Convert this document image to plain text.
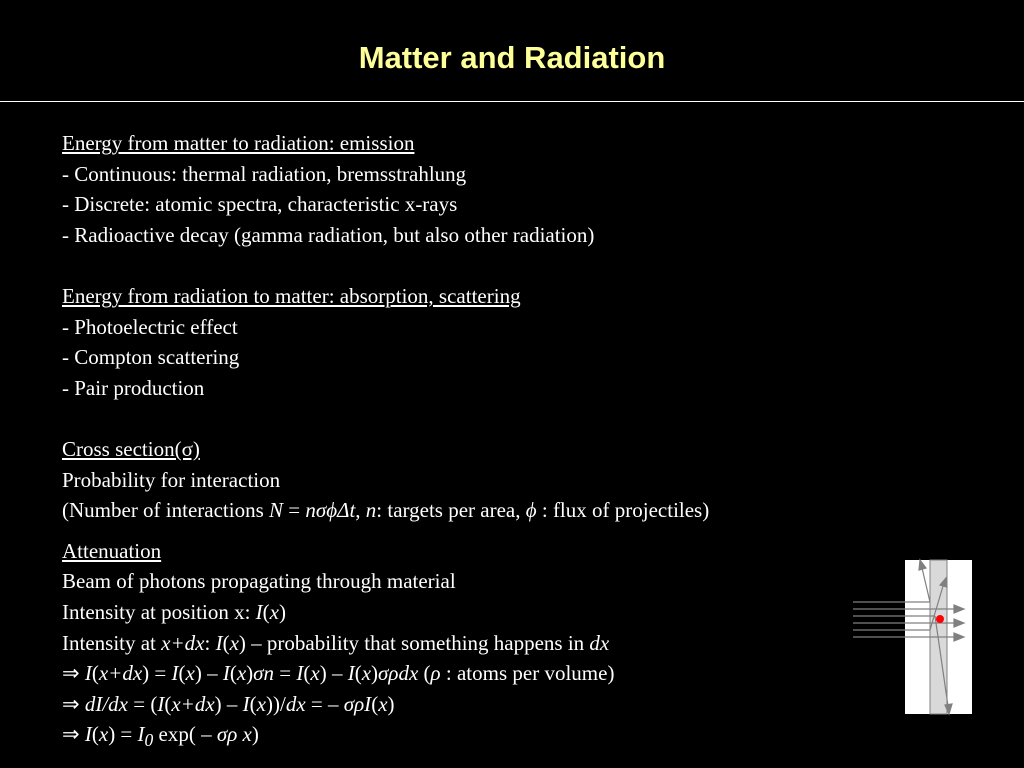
Matter and Radiation
Energy from matter to radiation: emission
- Continuous: thermal radiation, bremsstrahlung
- Discrete: atomic spectra, characteristic x-rays
- Radioactive decay (gamma radiation, but also other radiation)
Energy from radiation to matter: absorption, scattering
- Photoelectric effect
- Compton scattering
- Pair production
Cross section(σ)
Probability for interaction
(Number of interactions N = nσϕΔt, n: targets per area, ϕ : flux of projectiles)
Attenuation
Beam of photons propagating through material
Intensity at position x: I(x)
Intensity at x+dx: I(x) – probability that something happens in dx
⇒ I(x+dx) = I(x) – I(x)σn = I(x) – I(x)σρdx (ρ : atoms per volume)
⇒ dI/dx = (I(x+dx) – I(x))/dx = – σρI(x)
⇒ $I(x) = I_0$ exp( – σρ x)
